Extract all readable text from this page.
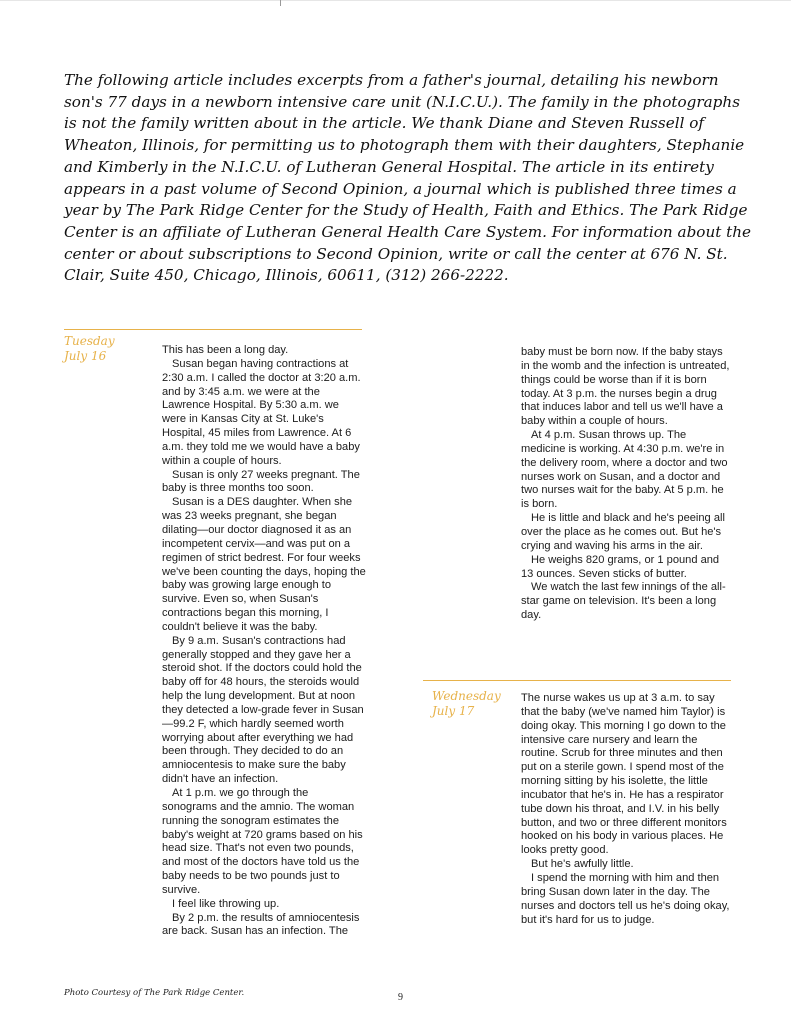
The following article includes excerpts from a father's journal, detailing his newborn son's 77 days in a newborn intensive care unit (N.I.C.U.). The family in the photographs is not the family written about in the article. We thank Diane and Steven Russell of Wheaton, Illinois, for permitting us to photograph them with their daughters, Stephanie and Kimberly in the N.I.C.U. of Lutheran General Hospital. The article in its entirety appears in a past volume of Second Opinion, a journal which is published three times a year by The Park Ridge Center for the Study of Health, Faith and Ethics. The Park Ridge Center is an affiliate of Lutheran General Health Care System. For information about the center or about subscriptions to Second Opinion, write or call the center at 676 N. St. Clair, Suite 450, Chicago, Illinois, 60611, (312) 266-2222.

Tuesday
July 16	This has been a long day.

Susan began having contractions at 2:30 a.m. I called the doctor at 3:20 a.m. and by 3:45 a.m. we were at the Lawrence Hospital. By 5:30 a.m. we were in Kansas City at St. Luke's Hospital, 45 miles from Lawrence. At 6 a.m. they told me we would have a baby within a couple of hours.

Susan is only 27 weeks pregnant. The baby is three months too soon.

Susan is a DES daughter. When she was 23 weeks pregnant, she began dilating—our doctor diagnosed it as an incompetent cervix—and was put on a regimen of strict bedrest. For four weeks we've been counting the days, hoping the baby was growing large enough to survive. Even so, when Susan's contractions began this morning, I couldn't believe it was the baby.

By 9 a.m. Susan's contractions had generally stopped and they gave her a steroid shot. If the doctors could hold the baby off for 48 hours, the steroids would help the lung development. But at noon they detected a low-grade fever in Susan—99.2 F, which hardly seemed worth worrying about after everything we had been through. They decided to do an amniocentesis to make sure the baby didn't have an infection.

At 1 p.m. we go through the sonograms and the amnio. The woman running the sonogram estimates the baby's weight at 720 grams based on his head size. That's not even two pounds, and most of the doctors have told us the baby needs to be two pounds just to survive.

I feel like throwing up.

By 2 p.m. the results of amniocentesis are back. Susan has an infection. The

baby must be born now. If the baby stays in the womb and the infection is untreated, things could be worse than if it is born today. At 3 p.m. the nurses begin a drug that induces labor and tell us we'll have a baby within a couple of hours.

At 4 p.m. Susan throws up. The medicine is working. At 4:30 p.m. we're in the delivery room, where a doctor and two nurses work on Susan, and a doctor and two nurses wait for the baby. At 5 p.m. he is born.

He is little and black and he's peeing all over the place as he comes out. But he's crying and waving his arms in the air.

He weighs 820 grams, or 1 pound and 13 ounces. Seven sticks of butter.

We watch the last few innings of the all-star game on television. It's been a long day.

Wednesday
July 17

The nurse wakes us up at 3 a.m. to say that the baby (we've named him Taylor) is doing okay. This morning I go down to the intensive care nursery and learn the routine. Scrub for three minutes and then put on a sterile gown. I spend most of the morning sitting by his isolette, the little incubator that he's in. He has a respirator tube down his throat, and I.V. in his belly button, and two or three different monitors hooked on his body in various places. He looks pretty good.

But he's awfully little.

I spend the morning with him and then bring Susan down later in the day. The nurses and doctors tell us he's doing okay, but it's hard for us to judge.

Photo Courtesy of The Park Ridge Center.	9
